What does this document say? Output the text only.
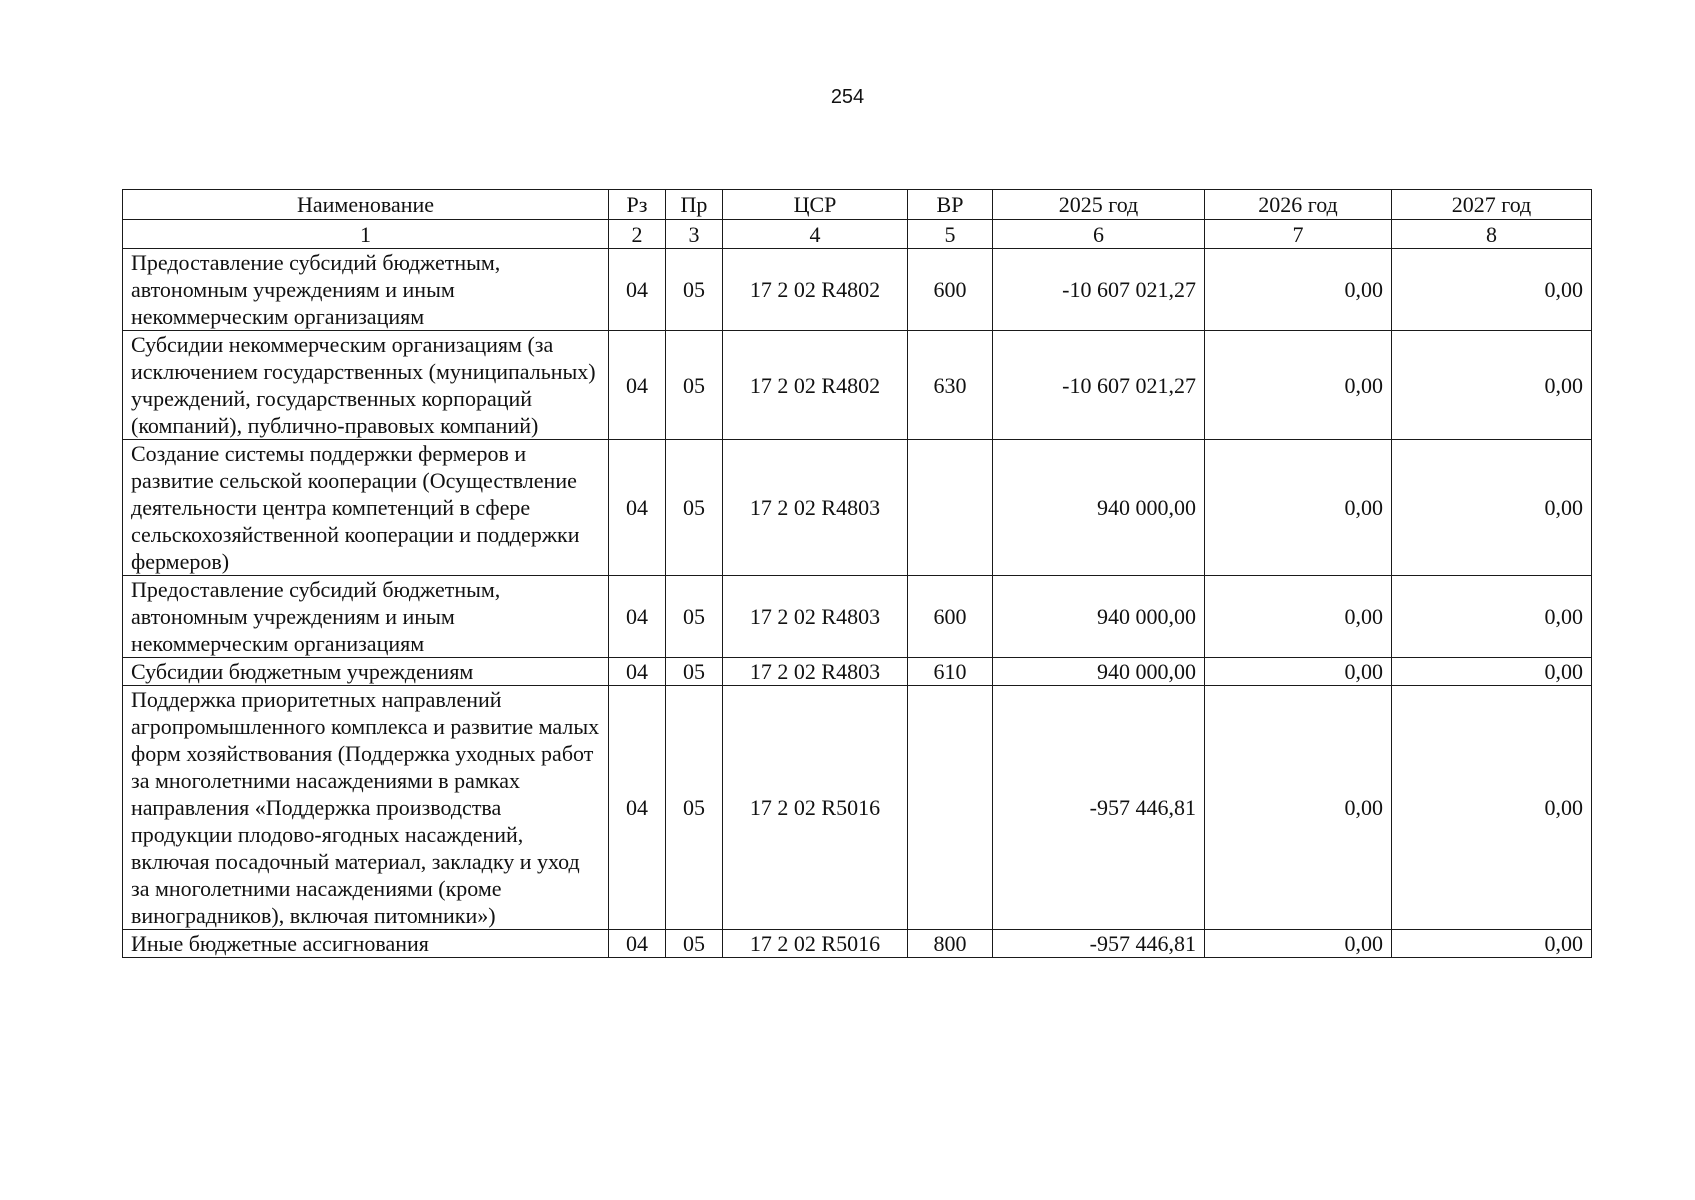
254
Наименование	Рз	Пр	ЦСР	ВР	2025 год	2026 год	2027 год
1	2	3	4	5	6	7	8
Предоставление субсидий бюджетным, автономным учреждениям и иным некоммерческим организациям	04	05	17 2 02 R4802	600	-10 607 021,27	0,00	0,00
Субсидии некоммерческим организациям (за исключением государственных (муниципальных) учреждений, государственных корпораций (компаний), публично-правовых компаний)	04	05	17 2 02 R4802	630	-10 607 021,27	0,00	0,00
Создание системы поддержки фермеров и развитие сельской кооперации (Осуществление деятельности центра компетенций в сфере сельскохозяйственной кооперации и поддержки фермеров)	04	05	17 2 02 R4803		940 000,00	0,00	0,00
Предоставление субсидий бюджетным, автономным учреждениям и иным некоммерческим организациям	04	05	17 2 02 R4803	600	940 000,00	0,00	0,00
Субсидии бюджетным учреждениям	04	05	17 2 02 R4803	610	940 000,00	0,00	0,00
Поддержка приоритетных направлений агропромышленного комплекса и развитие малых форм хозяйствования (Поддержка уходных работ за многолетними насаждениями в рамках направления «Поддержка производства продукции плодово-ягодных насаждений, включая посадочный материал, закладку и уход за многолетними насаждениями (кроме виноградников), включая питомники»)	04	05	17 2 02 R5016		-957 446,81	0,00	0,00
Иные бюджетные ассигнования	04	05	17 2 02 R5016	800	-957 446,81	0,00	0,00
